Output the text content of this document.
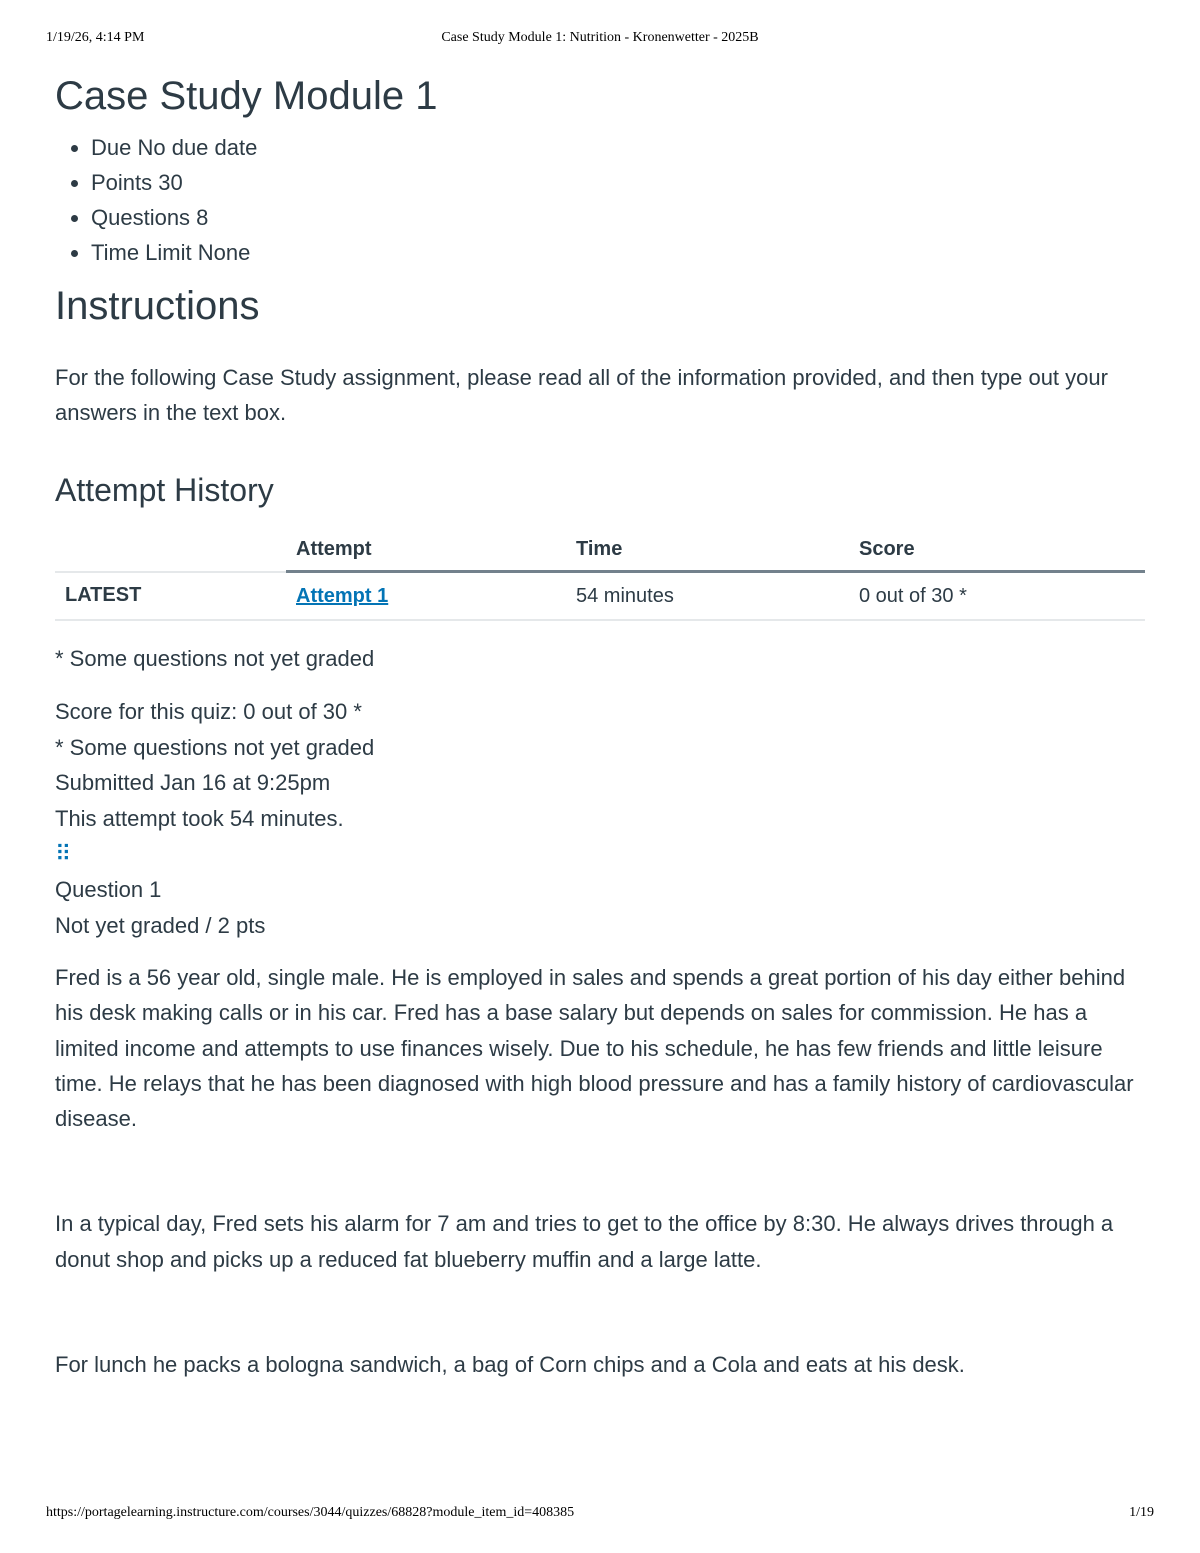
1/19/26, 4:14 PM	Case Study Module 1: Nutrition - Kronenwetter - 2025B
Case Study Module 1
• Due No due date
• Points 30
• Questions 8
• Time Limit None
Instructions

For the following Case Study assignment, please read all of the information provided, and then type out your answers in the text box.

Attempt History
	Attempt	Time	Score
LATEST	Attempt 1	54 minutes	0 out of 30 *

* Some questions not yet graded

Score for this quiz: 0 out of 30 *
* Some questions not yet graded
Submitted Jan 16 at 9:25pm
This attempt took 54 minutes.
⠿
Question 1
Not yet graded / 2 pts

Fred is a 56 year old, single male. He is employed in sales and spends a great portion of his day either behind his desk making calls or in his car. Fred has a base salary but depends on sales for commission. He has a limited income and attempts to use finances wisely. Due to his schedule, he has few friends and little leisure time. He relays that he has been diagnosed with high blood pressure and has a family history of cardiovascular disease.

In a typical day, Fred sets his alarm for 7 am and tries to get to the office by 8:30. He always drives through a donut shop and picks up a reduced fat blueberry muffin and a large latte.

For lunch he packs a bologna sandwich, a bag of Corn chips and a Cola and eats at his desk.

https://portagelearning.instructure.com/courses/3044/quizzes/68828?module_item_id=408385	1/19
